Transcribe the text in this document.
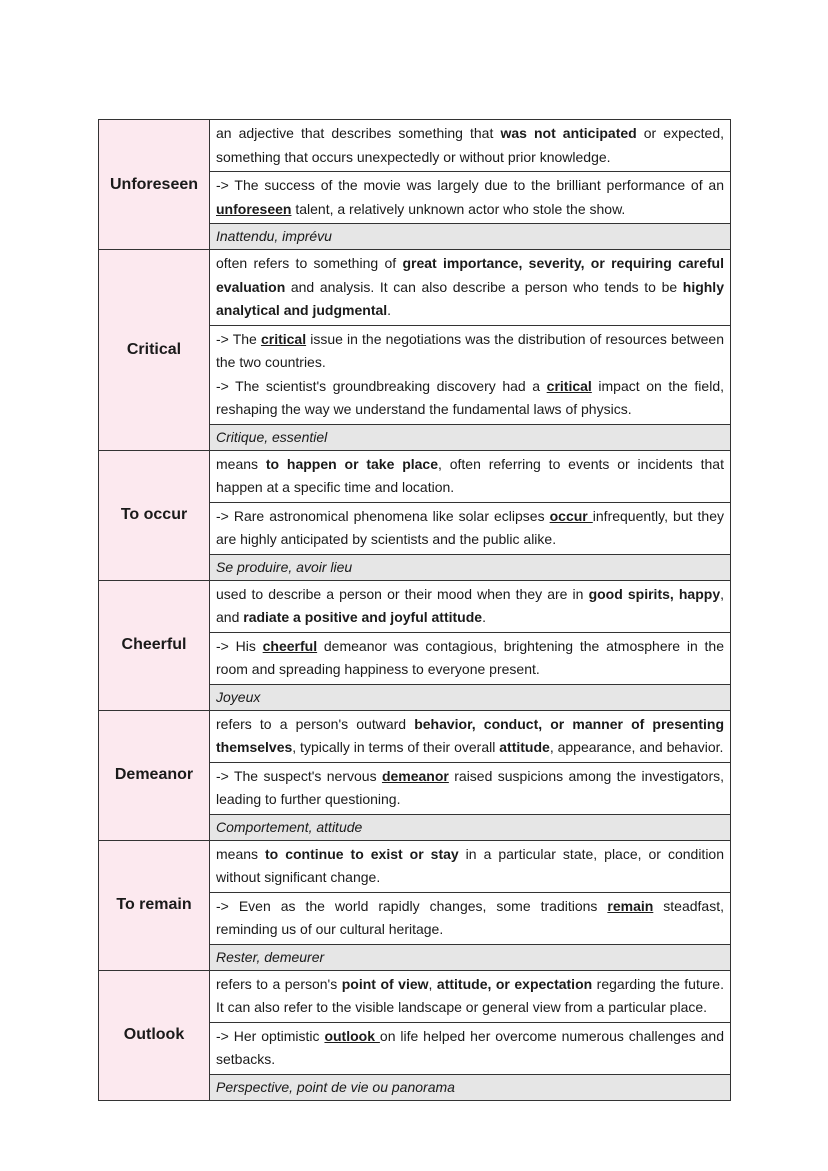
Unforeseen	an adjective that describes something that was not anticipated or expected, something that occurs unexpectedly or without prior knowledge.
-> The success of the movie was largely due to the brilliant performance of an unforeseen talent, a relatively unknown actor who stole the show.
Inattendu, imprévu

Critical	often refers to something of great importance, severity, or requiring careful evaluation and analysis. It can also describe a person who tends to be highly analytical and judgmental.
-> The critical issue in the negotiations was the distribution of resources between the two countries.
-> The scientist's groundbreaking discovery had a critical impact on the field, reshaping the way we understand the fundamental laws of physics.
Critique, essentiel

To occur	means to happen or take place, often referring to events or incidents that happen at a specific time and location.
-> Rare astronomical phenomena like solar eclipses occur infrequently, but they are highly anticipated by scientists and the public alike.
Se produire, avoir lieu

Cheerful	used to describe a person or their mood when they are in good spirits, happy, and radiate a positive and joyful attitude.
-> His cheerful demeanor was contagious, brightening the atmosphere in the room and spreading happiness to everyone present.
Joyeux

Demeanor	refers to a person's outward behavior, conduct, or manner of presenting themselves, typically in terms of their overall attitude, appearance, and behavior.
-> The suspect's nervous demeanor raised suspicions among the investigators, leading to further questioning.
Comportement, attitude

To remain	means to continue to exist or stay in a particular state, place, or condition without significant change.
-> Even as the world rapidly changes, some traditions remain steadfast, reminding us of our cultural heritage.
Rester, demeurer

Outlook	refers to a person's point of view, attitude, or expectation regarding the future. It can also refer to the visible landscape or general view from a particular place.
-> Her optimistic outlook on life helped her overcome numerous challenges and setbacks.
Perspective, point de vie ou panorama
